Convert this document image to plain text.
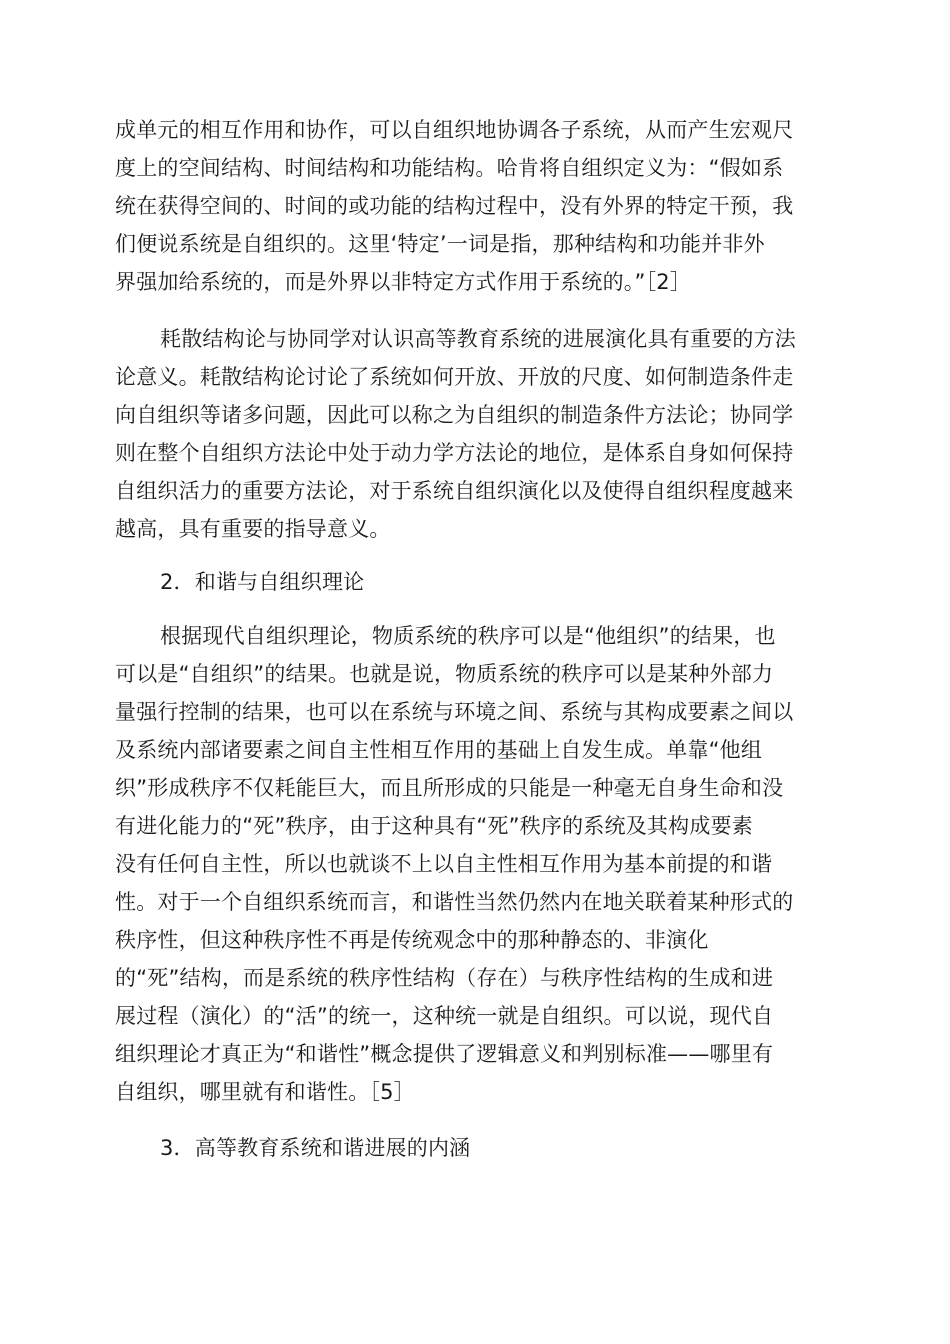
成单元的相互作用和协作，可以自组织地协调各子系统，从而产生宏观尺
度上的空间结构、时间结构和功能结构。哈肯将自组织定义为：“假如系
统在获得空间的、时间的或功能的结构过程中，没有外界的特定干预，我
们便说系统是自组织的。这里‘特定’一词是指，那种结构和功能并非外
界强加给系统的，而是外界以非特定方式作用于系统的。”［2］
耗散结构论与协同学对认识高等教育系统的进展演化具有重要的方法
论意义。耗散结构论讨论了系统如何开放、开放的尺度、如何制造条件走
向自组织等诸多问题，因此可以称之为自组织的制造条件方法论；协同学
则在整个自组织方法论中处于动力学方法论的地位，是体系自身如何保持
自组织活力的重要方法论，对于系统自组织演化以及使得自组织程度越来
越高，具有重要的指导意义。
2．和谐与自组织理论
根据现代自组织理论，物质系统的秩序可以是“他组织”的结果，也
可以是“自组织”的结果。也就是说，物质系统的秩序可以是某种外部力
量强行控制的结果，也可以在系统与环境之间、系统与其构成要素之间以
及系统内部诸要素之间自主性相互作用的基础上自发生成。单靠“他组
织”形成秩序不仅耗能巨大，而且所形成的只能是一种毫无自身生命和没
有进化能力的“死”秩序，由于这种具有“死”秩序的系统及其构成要素
没有任何自主性，所以也就谈不上以自主性相互作用为基本前提的和谐
性。对于一个自组织系统而言，和谐性当然仍然内在地关联着某种形式的
秩序性，但这种秩序性不再是传统观念中的那种静态的、非演化
的“死”结构，而是系统的秩序性结构（存在）与秩序性结构的生成和进
展过程（演化）的“活”的统一，这种统一就是自组织。可以说，现代自
组织理论才真正为“和谐性”概念提供了逻辑意义和判别标准——哪里有
自组织，哪里就有和谐性。［5］
3．高等教育系统和谐进展的内涵
